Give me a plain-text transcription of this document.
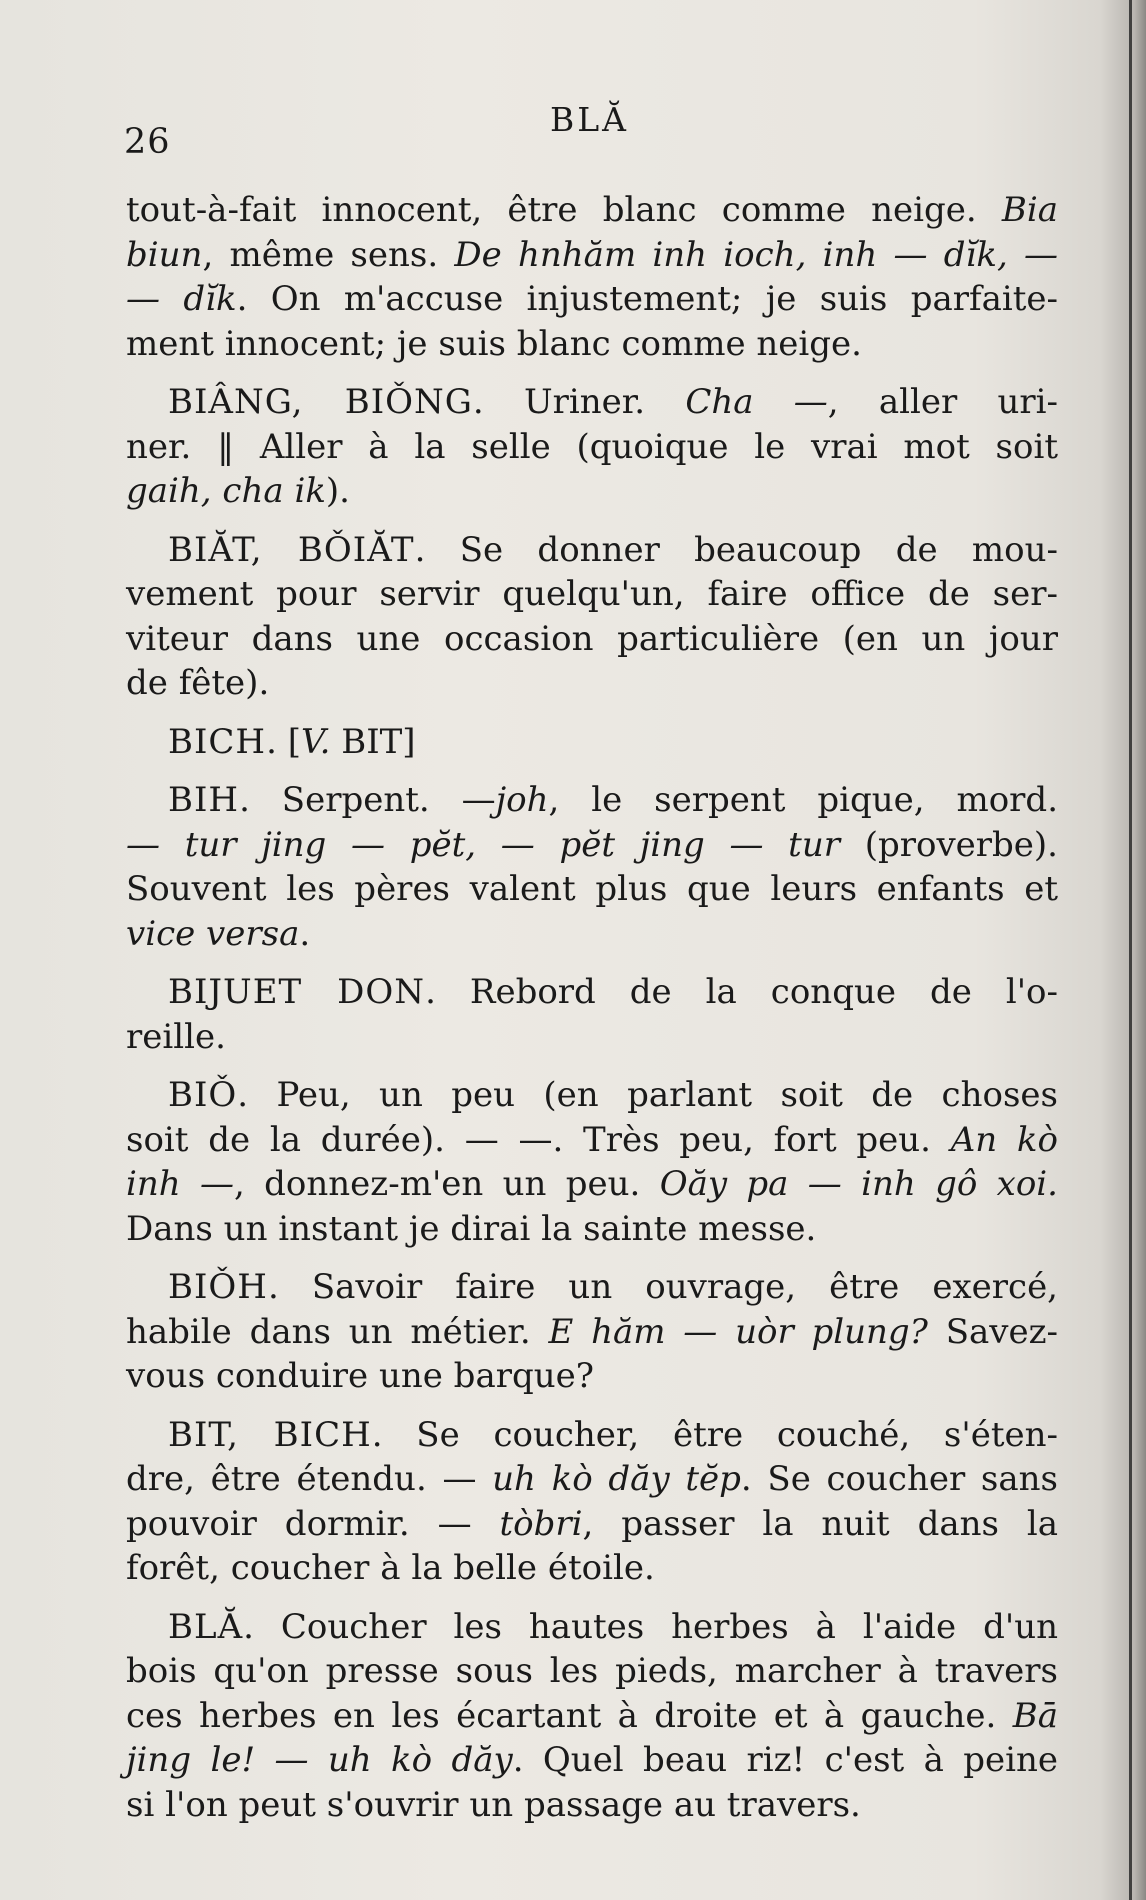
26
BLĂ
tout-à-fait innocent, être blanc comme neige. Bia
biun, même sens. De hnhăm inh ioch, inh — dĭk, —
— dĭk. On m'accuse injustement; je suis parfaite-
ment innocent; je suis blanc comme neige.
BIÂNG, BIǑNG. Uriner. Cha —, aller uri-
ner. ‖ Aller à la selle (quoique le vrai mot soit
gaih, cha ik).
BIĂT, BǑIĂT. Se donner beaucoup de mou-
vement pour servir quelqu'un, faire office de ser-
viteur dans une occasion particulière (en un jour
de fête).
BICH. [V. BIT]
BIH. Serpent. —joh, le serpent pique, mord.
— tur jing — pĕt, — pĕt jing — tur (proverbe).
Souvent les pères valent plus que leurs enfants et
vice versa.
BIJUET DON. Rebord de la conque de l'o-
reille.
BIǑ. Peu, un peu (en parlant soit de choses
soit de la durée). — —. Très peu, fort peu. An kò
inh —, donnez-m'en un peu. Oăy pa — inh gô xoi.
Dans un instant je dirai la sainte messe.
BIǑH. Savoir faire un ouvrage, être exercé,
habile dans un métier. E hăm — uòr plung? Savez-
vous conduire une barque?
BIT, BICH. Se coucher, être couché, s'éten-
dre, être étendu. — uh kò dăy tĕp. Se coucher sans
pouvoir dormir. — tòbri, passer la nuit dans la
forêt, coucher à la belle étoile.
BLĂ. Coucher les hautes herbes à l'aide d'un
bois qu'on presse sous les pieds, marcher à travers
ces herbes en les écartant à droite et à gauche. Bā
jing le! — uh kò dăy. Quel beau riz! c'est à peine
si l'on peut s'ouvrir un passage au travers.
